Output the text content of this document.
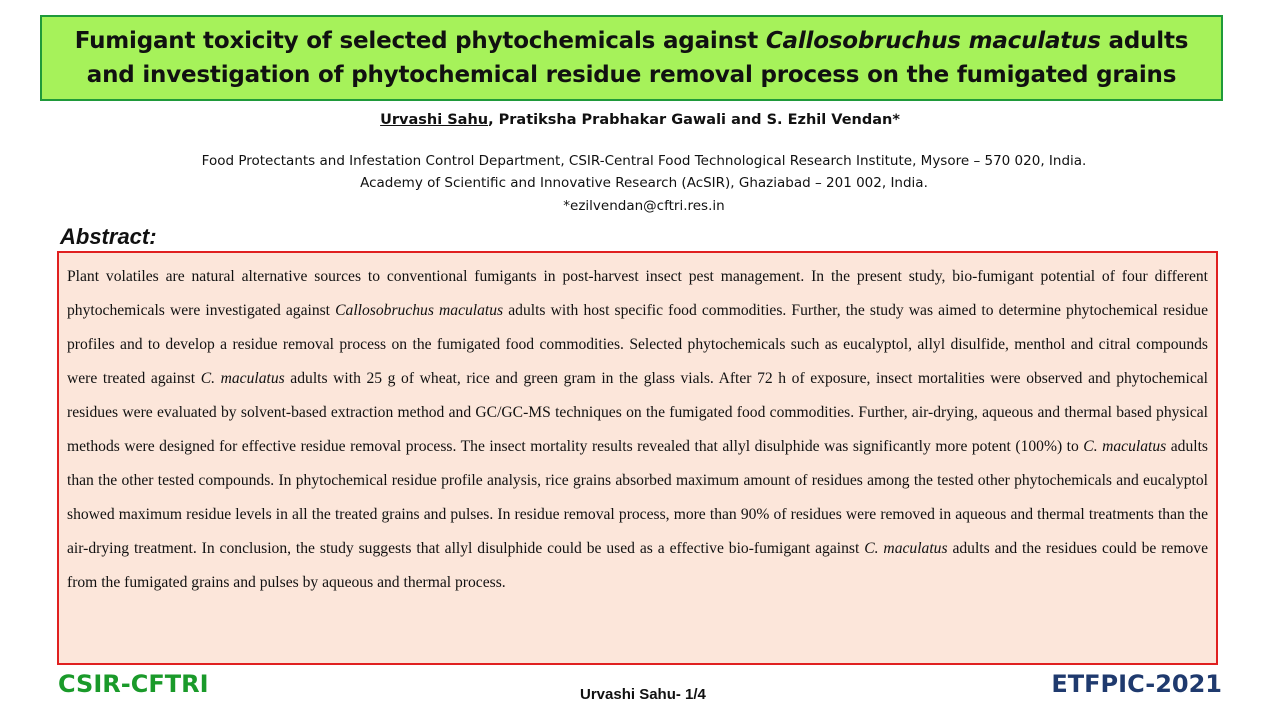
Fumigant toxicity of selected phytochemicals against Callosobruchus maculatus adults
and investigation of phytochemical residue removal process on the fumigated grains
Urvashi Sahu, Pratiksha Prabhakar Gawali and S. Ezhil Vendan*
Food Protectants and Infestation Control Department, CSIR-Central Food Technological Research Institute, Mysore – 570 020, India.
Academy of Scientific and Innovative Research (AcSIR), Ghaziabad – 201 002, India.
*ezilvendan@cftri.res.in
Abstract:

Plant volatiles are natural alternative sources to conventional fumigants in post-harvest insect pest management. In the present study, bio-fumigant potential of four different phytochemicals were investigated against Callosobruchus maculatus adults with host specific food commodities. Further, the study was aimed to determine phytochemical residue profiles and to develop a residue removal process on the fumigated food commodities. Selected phytochemicals such as eucalyptol, allyl disulfide, menthol and citral compounds were treated against C. maculatus adults with 25 g of wheat, rice and green gram in the glass vials. After 72 h of exposure, insect mortalities were observed and phytochemical residues were evaluated by solvent-based extraction method and GC/GC-MS techniques on the fumigated food commodities. Further, air-drying, aqueous and thermal based physical methods were designed for effective residue removal process. The insect mortality results revealed that allyl disulphide was significantly more potent (100%) to C. maculatus adults than the other tested compounds. In phytochemical residue profile analysis, rice grains absorbed maximum amount of residues among the tested other phytochemicals and eucalyptol showed maximum residue levels in all the treated grains and pulses. In residue removal process, more than 90% of residues were removed in aqueous and thermal treatments than the air-drying treatment. In conclusion, the study suggests that allyl disulphide could be used as a effective bio-fumigant against C. maculatus adults and the residues could be remove from the fumigated grains and pulses by aqueous and thermal process.

CSIR-CFTRI	Urvashi Sahu- 1/4	ETFPIC-2021
